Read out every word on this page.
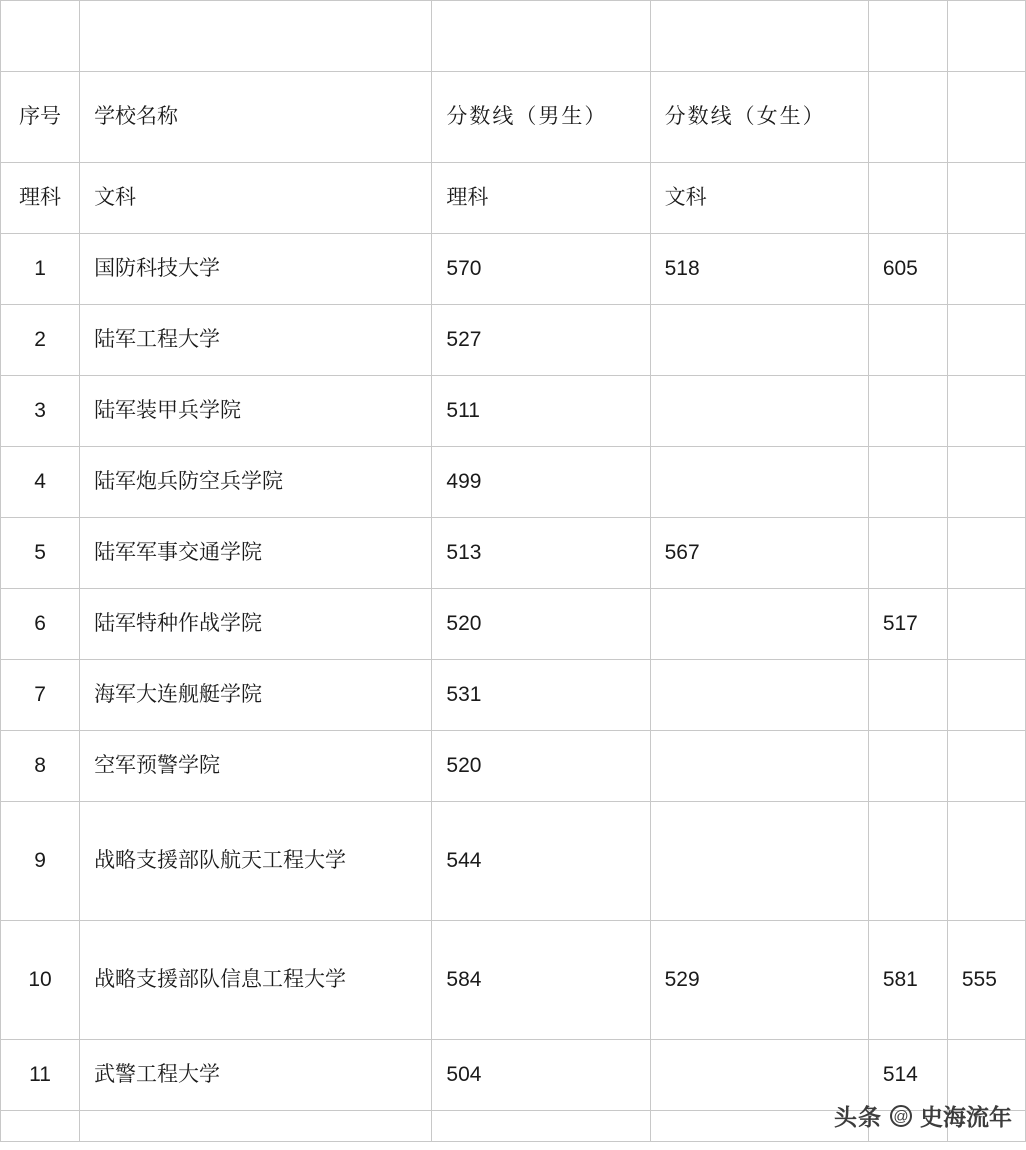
序号	学校名称	分数线（男生）	分数线（女生）		
理科	文科	理科	文科		
1	国防科技大学	570	518	605	
2	陆军工程大学	527			
3	陆军装甲兵学院	511			
4	陆军炮兵防空兵学院	499			
5	陆军军事交通学院	513	567		
6	陆军特种作战学院	520		517	
7	海军大连舰艇学院	531			
8	空军预警学院	520			
9	战略支援部队航天工程大学	544			
10	战略支援部队信息工程大学	584	529	581	555
11	武警工程大学	504		514	

头条 @ 史海流年
